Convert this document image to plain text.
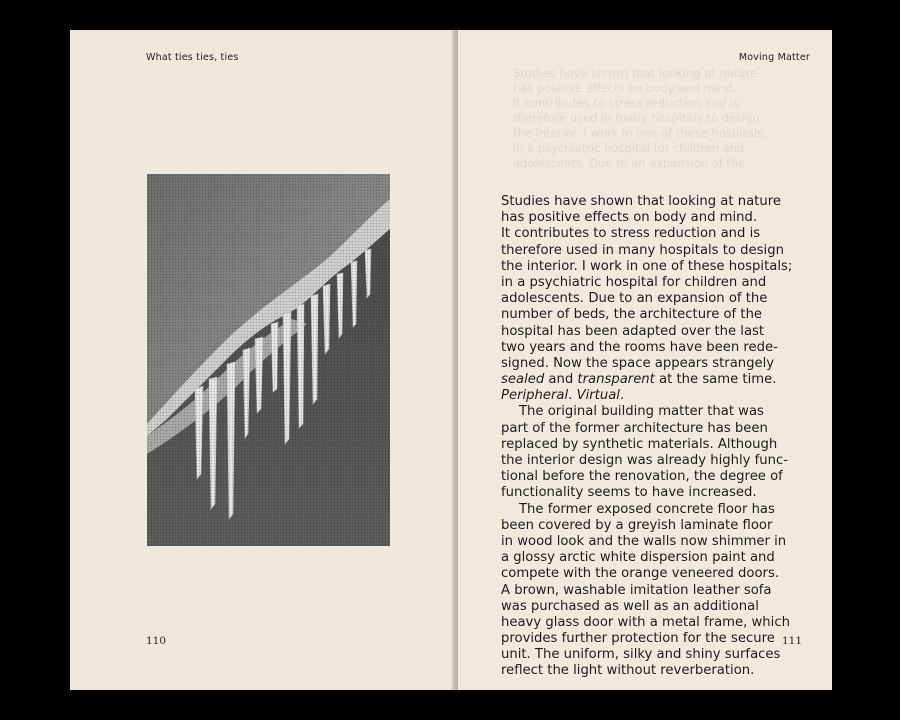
What ties ties, ties
110
Moving Matter
Studies have shown that looking at nature
has positive effects on body and mind.
It contributes to stress reduction and is
therefore used in many hospitals to design
the interior. I work in one of these hospitals;
in a psychiatric hospital for children and
adolescents. Due to an expansion of the
Studies have shown that looking at nature
has positive effects on body and mind.
It contributes to stress reduction and is
therefore used in many hospitals to design
the interior. I work in one of these hospitals;
in a psychiatric hospital for children and
adolescents. Due to an expansion of the
number of beds, the architecture of the
hospital has been adapted over the last
two years and the rooms have been rede-
signed. Now the space appears strangely
sealed and transparent at the same time.
Peripheral. Virtual.
The original building matter that was
part of the former architecture has been
replaced by synthetic materials. Although
the interior design was already highly func-
tional before the renovation, the degree of
functionality seems to have increased.
The former exposed concrete floor has
been covered by a greyish laminate floor
in wood look and the walls now shimmer in
a glossy arctic white dispersion paint and
compete with the orange veneered doors.
A brown, washable imitation leather sofa
was purchased as well as an additional
heavy glass door with a metal frame, which
provides further protection for the secure
unit. The uniform, silky and shiny surfaces
reflect the light without reverberation.
111
